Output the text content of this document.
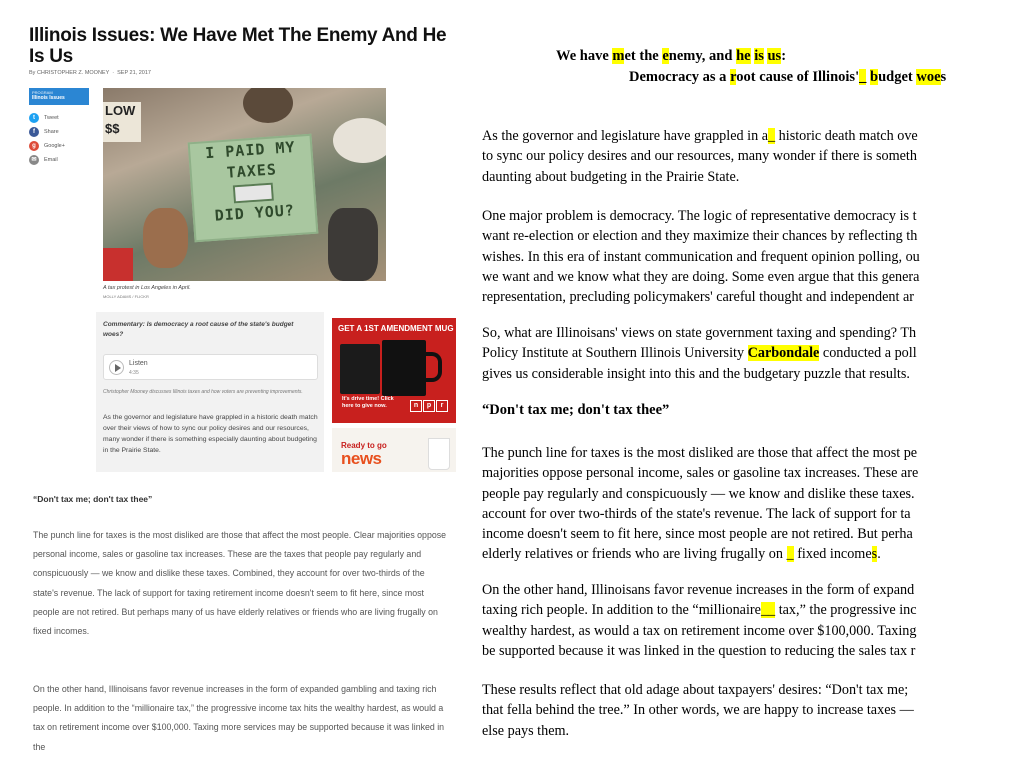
Illinois Issues: We Have Met The Enemy And He Is Us
By CHRISTOPHER Z. MOONEY · SEP 21, 2017
PROGRAM
Illinois Issues
t	Tweet
f	Share
g	Google+
✉	Email
LOW
$$
I PAID MY
TAXES
DID YOU?
A tax protest in Los Angeles in April.
MOLLY ADAMS / FLICKR
Commentary: Is democracy a root cause of the state's budget woes?
Listen
4:35
Christopher Mooney discusses Illinois taxes and how voters are preventing improvements.
As the governor and legislature have grappled in a historic death match over their views of how to sync our policy desires and our resources, many wonder if there is something especially daunting about budgeting in the Prairie State.
GET A 1ST AMENDMENT MUG
It's drive time! Click here to give now.	n	p	r
Ready to go
news
“Don't tax me; don't tax thee”

The punch line for taxes is the most disliked are those that affect the most people. Clear majorities oppose personal income, sales or gasoline tax increases. These are the taxes that people pay regularly and conspicuously — we know and dislike these taxes. Combined, they account for over two-thirds of the state's revenue. The lack of support for taxing retirement income doesn't seem to fit here, since most people are not retired. But perhaps many of us have elderly relatives or friends who are living frugally on fixed incomes.

On the other hand, Illinoisans favor revenue increases in the form of expanded gambling and taxing rich people. In addition to the “millionaire tax,” the progressive income tax hits the wealthy hardest, as would a tax on retirement income over $100,000. Taxing more services may be supported because it was linked in the

We have met the enemy, and he is us:
Democracy as a root cause of Illinois'_ budget woes

As the governor and legislature have grappled in a_ historic death match ove
to sync our policy desires and our resources, many wonder if there is someth
daunting about budgeting in the Prairie State.

One major problem is democracy. The logic of representative democracy is t
want re-election or election and they maximize their chances by reflecting th
wishes. In this era of instant communication and frequent opinion polling, ou
we want and we know what they are doing. Some even argue that this genera
representation, precluding policymakers' careful thought and independent ar

So, what are Illinoisans' views on state government taxing and spending? Th
Policy Institute at Southern Illinois University Carbondale conducted a poll
gives us considerable insight into this and the budgetary puzzle that results.

“Don't tax me; don't tax thee”

The punch line for taxes is the most disliked are those that affect the most pe
majorities oppose personal income, sales or gasoline tax increases. These are
people pay regularly and conspicuously — we know and dislike these taxes.
account for over two-thirds of the state's revenue. The lack of support for ta
income doesn't seem to fit here, since most people are not retired. But perha
elderly relatives or friends who are living frugally on _ fixed incomes.

On the other hand, Illinoisans favor revenue increases in the form of expand
taxing rich people. In addition to the “millionaire__ tax,” the progressive inc
wealthy hardest, as would a tax on retirement income over $100,000. Taxing
be supported because it was linked in the question to reducing the sales tax r

These results reflect that old adage about taxpayers' desires: “Don't tax me;
that fella behind the tree.” In other words, we are happy to increase taxes —
else pays them.
